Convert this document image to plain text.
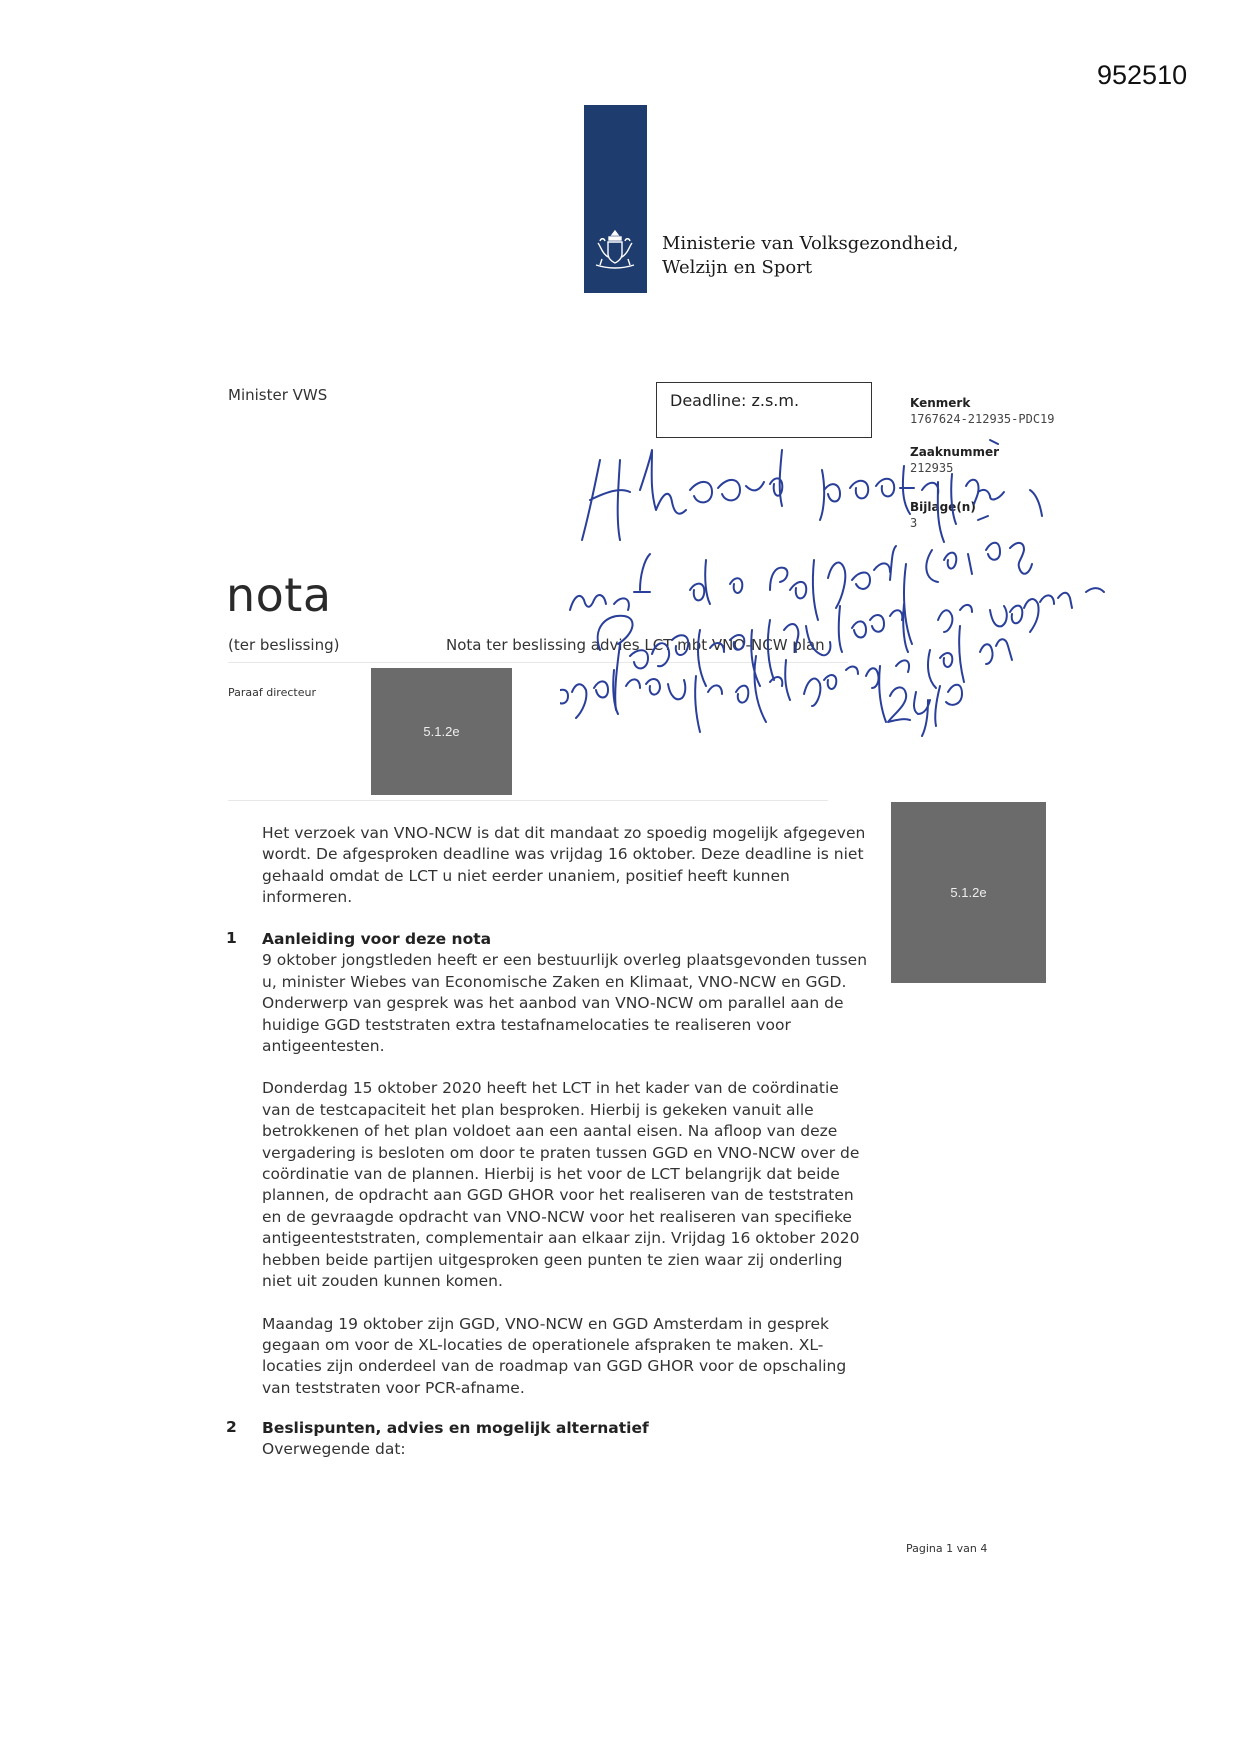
952510
Ministerie van Volksgezondheid,
Welzijn en Sport
Minister VWS	Deadline: z.s.m.	Kenmerk
1767624-212935-PDC19
Zaaknummer
212935
Bijlage(n)
3
nota
(ter beslissing)	Nota ter beslissing advies LCT mbt VNO-NCW plan
Paraaf directeur
5.1.2e
5.1.2e
Het verzoek van VNO-NCW is dat dit mandaat zo spoedig mogelijk afgegeven
wordt. De afgesproken deadline was vrijdag 16 oktober. Deze deadline is niet
gehaald omdat de LCT u niet eerder unaniem, positief heeft kunnen
informeren.
1 Aanleiding voor deze nota
9 oktober jongstleden heeft er een bestuurlijk overleg plaatsgevonden tussen
u, minister Wiebes van Economische Zaken en Klimaat, VNO-NCW en GGD.
Onderwerp van gesprek was het aanbod van VNO-NCW om parallel aan de
huidige GGD teststraten extra testafnamelocaties te realiseren voor
antigeentesten.
Donderdag 15 oktober 2020 heeft het LCT in het kader van de coördinatie
van de testcapaciteit het plan besproken. Hierbij is gekeken vanuit alle
betrokkenen of het plan voldoet aan een aantal eisen. Na afloop van deze
vergadering is besloten om door te praten tussen GGD en VNO-NCW over de
coördinatie van de plannen. Hierbij is het voor de LCT belangrijk dat beide
plannen, de opdracht aan GGD GHOR voor het realiseren van de teststraten
en de gevraagde opdracht van VNO-NCW voor het realiseren van specifieke
antigeenteststraten, complementair aan elkaar zijn. Vrijdag 16 oktober 2020
hebben beide partijen uitgesproken geen punten te zien waar zij onderling
niet uit zouden kunnen komen.
Maandag 19 oktober zijn GGD, VNO-NCW en GGD Amsterdam in gesprek
gegaan om voor de XL-locaties de operationele afspraken te maken. XL-
locaties zijn onderdeel van de roadmap van GGD GHOR voor de opschaling
van teststraten voor PCR-afname.
2 Beslispunten, advies en mogelijk alternatief
Overwegende dat:
Pagina 1 van 4
